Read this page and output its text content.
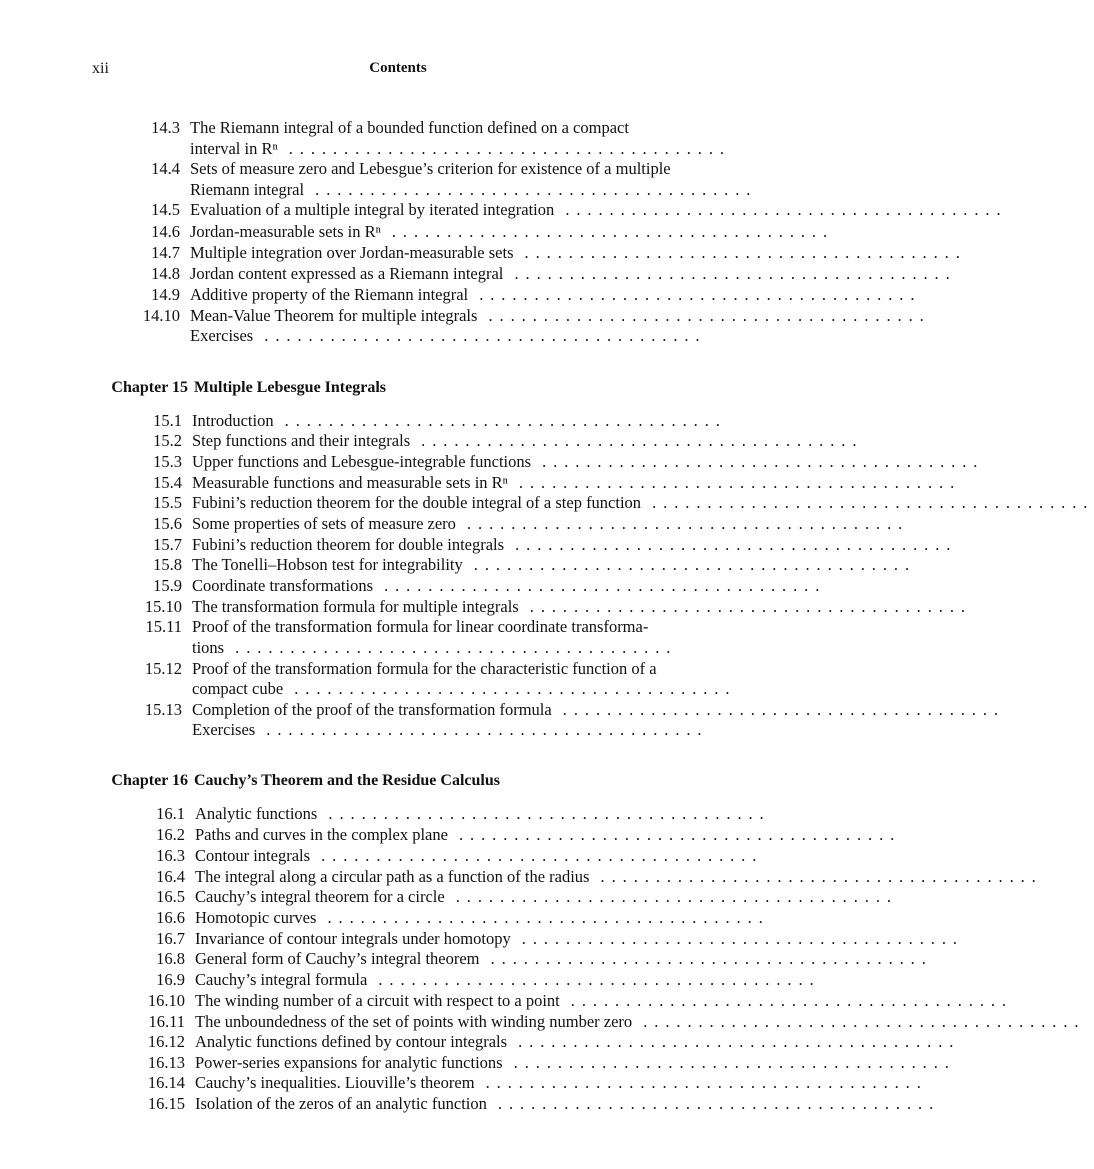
xii	Contents
14.3 The Riemann integral of a bounded function defined on a compact
interval in Rⁿ ........................................
14.4 Sets of measure zero and Lebesgue’s criterion for existence of a multiple
Riemann integral ........................................
14.5 Evaluation of a multiple integral by iterated integration ........................................
14.6 Jordan-measurable sets in Rⁿ ........................................
14.7 Multiple integration over Jordan-measurable sets ........................................
14.8 Jordan content expressed as a Riemann integral ........................................
14.9 Additive property of the Riemann integral ........................................
14.10 Mean-Value Theorem for multiple integrals ........................................
Exercises ........................................
Chapter 15 Multiple Lebesgue Integrals
15.1 Introduction ........................................
15.2 Step functions and their integrals ........................................
15.3 Upper functions and Lebesgue-integrable functions ........................................
15.4 Measurable functions and measurable sets in Rⁿ ........................................
15.5 Fubini’s reduction theorem for the double integral of a step function ........................................
15.6 Some properties of sets of measure zero ........................................
15.7 Fubini’s reduction theorem for double integrals ........................................
15.8 The Tonelli–Hobson test for integrability ........................................
15.9 Coordinate transformations ........................................
15.10 The transformation formula for multiple integrals ........................................
15.11 Proof of the transformation formula for linear coordinate transforma-
tions ........................................
15.12 Proof of the transformation formula for the characteristic function of a
compact cube ........................................
15.13 Completion of the proof of the transformation formula ........................................
Exercises ........................................
Chapter 16 Cauchy’s Theorem and the Residue Calculus
16.1 Analytic functions ........................................
16.2 Paths and curves in the complex plane ........................................
16.3 Contour integrals ........................................
16.4 The integral along a circular path as a function of the radius ........................................
16.5 Cauchy’s integral theorem for a circle ........................................
16.6 Homotopic curves ........................................
16.7 Invariance of contour integrals under homotopy ........................................
16.8 General form of Cauchy’s integral theorem ........................................
16.9 Cauchy’s integral formula ........................................
16.10 The winding number of a circuit with respect to a point ........................................
16.11 The unboundedness of the set of points with winding number zero ........................................
16.12 Analytic functions defined by contour integrals ........................................
16.13 Power-series expansions for analytic functions ........................................
16.14 Cauchy’s inequalities. Liouville’s theorem ........................................
16.15 Isolation of the zeros of an analytic function ........................................
